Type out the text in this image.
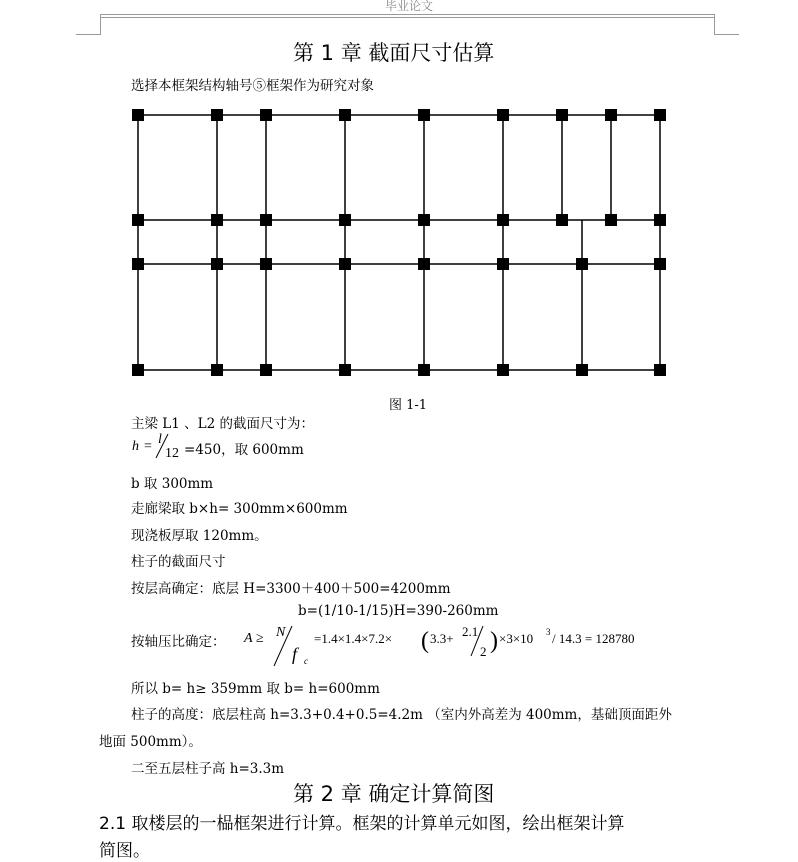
毕业论文
第 1 章 截面尺寸估算
选择本框架结构轴号⑤框架作为研究对象
图 1-1
主梁 L1 、L2 的截面尺寸为：
h = l
12 =450，取 600mm
b 取 300mm
走廊梁取 b×h= 300mm×600mm
现浇板厚取 120mm。
柱子的截面尺寸
按层高确定：底层 H=3300＋400＋500=4200mm
b=(1/10-1/15)H=390-260mm
按轴压比确定： A ≥ N
f c
=1.4×1.4×7.2× ( 3.3+ 2.1
2 ) ×3×10 3 / 14.3 = 128780
所以 b= h≥ 359mm 取 b= h=600mm
柱子的高度：底层柱高 h=3.3+0.4+0.5=4.2m （室内外高差为 400mm，基础顶面距外
地面 500mm）。
二至五层柱子高 h=3.3m
第 2 章 确定计算简图
2.1 取楼层的一榀框架进行计算。框架的计算单元如图，绘出框架计算
简图。
